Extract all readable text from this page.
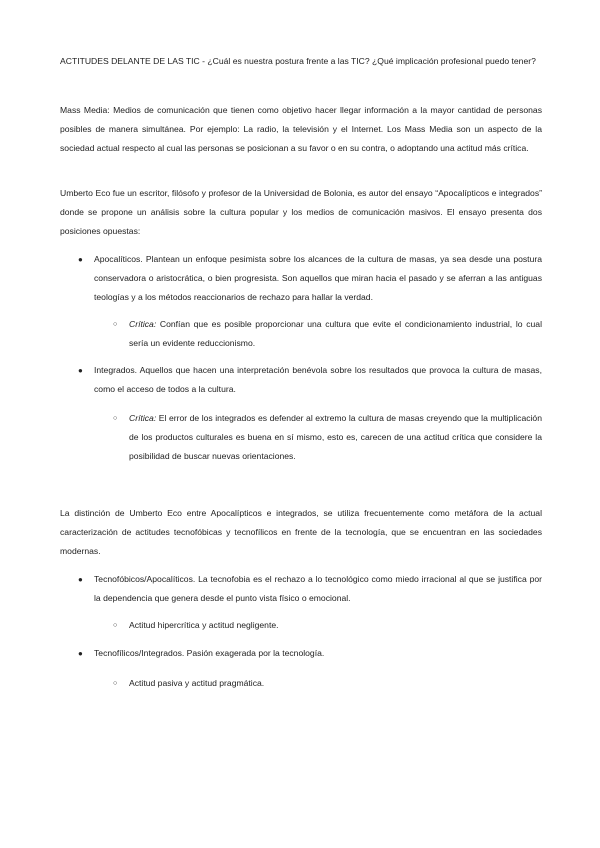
ACTITUDES DELANTE DE LAS TIC - ¿Cuál es nuestra postura frente a las TIC? ¿Qué implicación profesional puedo tener?

Mass Media: Medios de comunicación que tienen como objetivo hacer llegar información a la mayor cantidad de personas posibles de manera simultánea. Por ejemplo: La radio, la televisión y el Internet. Los Mass Media son un aspecto de la sociedad actual respecto al cual las personas se posicionan a su favor o en su contra, o adoptando una actitud más crítica.

Umberto Eco fue un escritor, filósofo y profesor de la Universidad de Bolonia, es autor del ensayo “Apocalípticos e integrados” donde se propone un análisis sobre la cultura popular y los medios de comunicación masivos. El ensayo presenta dos posiciones opuestas:

● Apocalíticos. Plantean un enfoque pesimista sobre los alcances de la cultura de masas, ya sea desde una postura conservadora o aristocrática, o bien progresista. Son aquellos que miran hacia el pasado y se aferran a las antiguas teologías y a los métodos reaccionarios de rechazo para hallar la verdad.

○ Crítica: Confían que es posible proporcionar una cultura que evite el condicionamiento industrial, lo cual sería un evidente reduccionismo.

● Integrados. Aquellos que hacen una interpretación benévola sobre los resultados que provoca la cultura de masas, como el acceso de todos a la cultura.

○ Crítica: El error de los integrados es defender al extremo la cultura de masas creyendo que la multiplicación de los productos culturales es buena en sí mismo, esto es, carecen de una actitud crítica que considere la posibilidad de buscar nuevas orientaciones.

La distinción de Umberto Eco entre Apocalípticos e integrados, se utiliza frecuentemente como metáfora de la actual caracterización de actitudes tecnofóbicas y tecnofílicos en frente de la tecnología, que se encuentran en las sociedades modernas.

● Tecnofóbicos/Apocalíticos. La tecnofobia es el rechazo a lo tecnológico como miedo irracional al que se justifica por la dependencia que genera desde el punto vista físico o emocional.

○ Actitud hipercrítica y actitud negligente.

● Tecnofílicos/Integrados. Pasión exagerada por la tecnología.

○ Actitud pasiva y actitud pragmática.
